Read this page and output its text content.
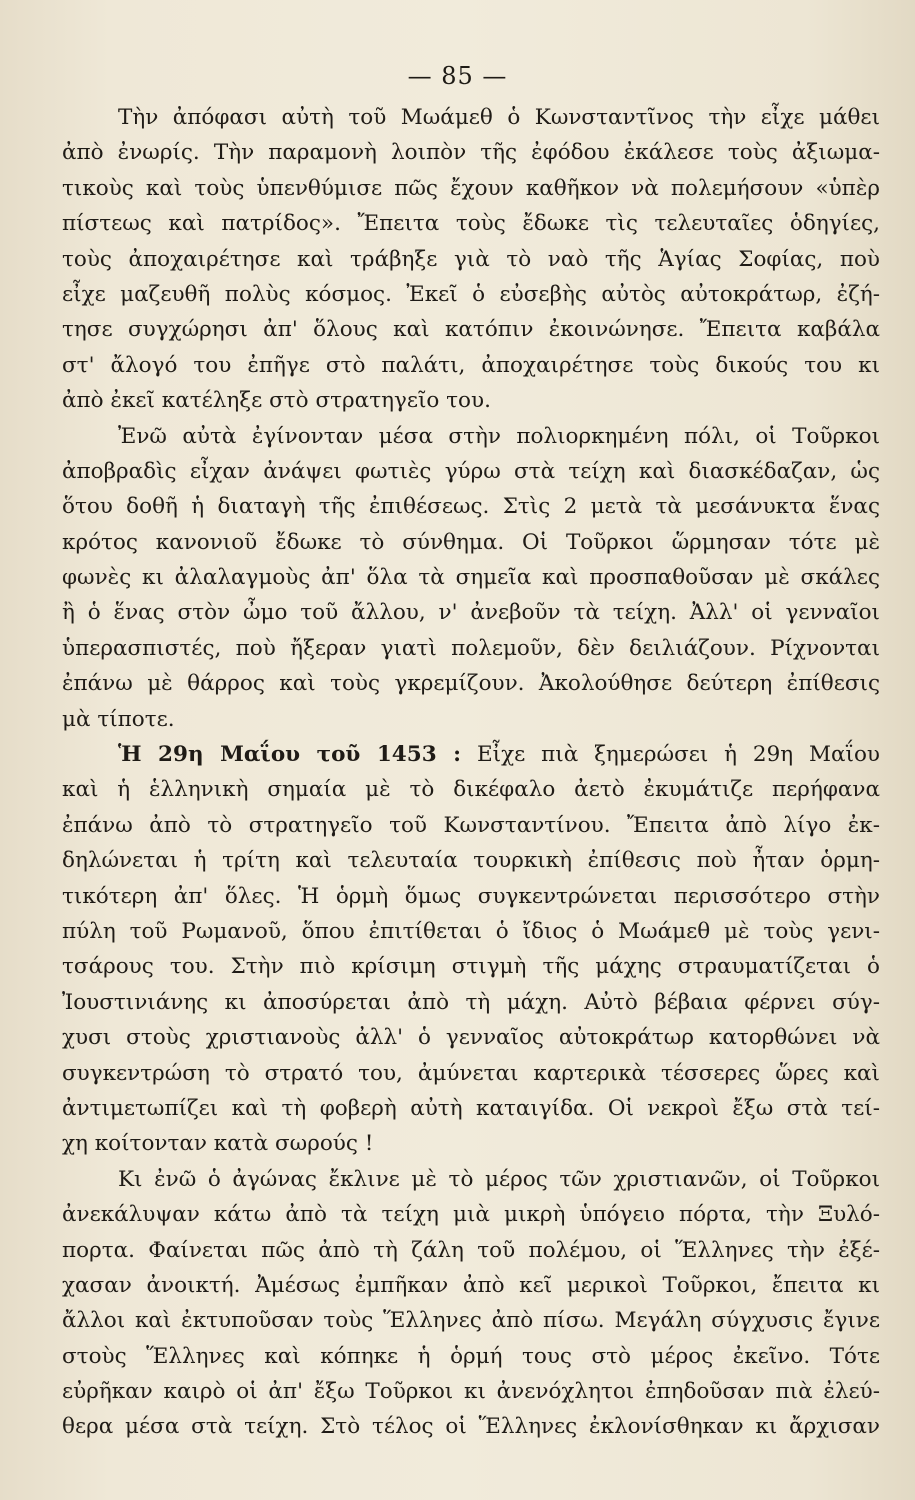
— 85 —
Τὴν ἀπόφασι αὐτὴ τοῦ Μωάμεθ ὁ Κωνσταντῖνος τὴν εἶχε μάθει
ἀπὸ ἐνωρίς. Τὴν παραμονὴ λοιπὸν τῆς ἐφόδου ἐκάλεσε τοὺς ἀξιωμα-
τικοὺς καὶ τοὺς ὑπενθύμισε πῶς ἔχουν καθῆκον νὰ πολεμήσουν «ὑπὲρ
πίστεως καὶ πατρίδος». Ἔπειτα τοὺς ἔδωκε τὶς τελευταῖες ὁδηγίες,
τοὺς ἀποχαιρέτησε καὶ τράβηξε γιὰ τὸ ναὸ τῆς Ἁγίας Σοφίας, ποὺ
εἶχε μαζευθῆ πολὺς κόσμος. Ἐκεῖ ὁ εὐσεβὴς αὐτὸς αὐτοκράτωρ, ἐζή-
τησε συγχώρησι ἀπ' ὅλους καὶ κατόπιν ἐκοινώνησε. Ἔπειτα καβάλα
στ' ἄλογό του ἐπῆγε στὸ παλάτι, ἀποχαιρέτησε τοὺς δικούς του κι
ἀπὸ ἐκεῖ κατέληξε στὸ στρατηγεῖο του.
Ἐνῶ αὐτὰ ἐγίνονταν μέσα στὴν πολιορκημένη πόλι, οἱ Τοῦρκοι
ἀποβραδὶς εἶχαν ἀνάψει φωτιὲς γύρω στὰ τείχη καὶ διασκέδαζαν, ὡς
ὅτου δοθῆ ἡ διαταγὴ τῆς ἐπιθέσεως. Στὶς 2 μετὰ τὰ μεσάνυκτα ἕνας
κρότος κανονιοῦ ἔδωκε τὸ σύνθημα. Οἱ Τοῦρκοι ὥρμησαν τότε μὲ
φωνὲς κι ἀλαλαγμοὺς ἀπ' ὅλα τὰ σημεῖα καὶ προσπαθοῦσαν μὲ σκάλες
ἢ ὁ ἕνας στὸν ὦμο τοῦ ἄλλου, ν' ἀνεβοῦν τὰ τείχη. Ἀλλ' οἱ γενναῖοι
ὑπερασπιστές, ποὺ ἤξεραν γιατὶ πολεμοῦν, δὲν δειλιάζουν. Ρίχνονται
ἐπάνω μὲ θάρρος καὶ τοὺς γκρεμίζουν. Ἀκολούθησε δεύτερη ἐπίθεσις
μὰ τίποτε.
Ἡ 29η Μαΐου τοῦ 1453 : Εἶχε πιὰ ξημερώσει ἡ 29η Μαΐου
καὶ ἡ ἑλληνικὴ σημαία μὲ τὸ δικέφαλο ἀετὸ ἐκυμάτιζε περήφανα
ἐπάνω ἀπὸ τὸ στρατηγεῖο τοῦ Κωνσταντίνου. Ἔπειτα ἀπὸ λίγο ἐκ-
δηλώνεται ἡ τρίτη καὶ τελευταία τουρκικὴ ἐπίθεσις ποὺ ἦταν ὁρμη-
τικότερη ἀπ' ὅλες. Ἡ ὁρμὴ ὅμως συγκεντρώνεται περισσότερο στὴν
πύλη τοῦ Ρωμανοῦ, ὅπου ἐπιτίθεται ὁ ἴδιος ὁ Μωάμεθ μὲ τοὺς γενι-
τσάρους του. Στὴν πιὸ κρίσιμη στιγμὴ τῆς μάχης στραυματίζεται ὁ
Ἰουστινιάνης κι ἀποσύρεται ἀπὸ τὴ μάχη. Αὐτὸ βέβαια φέρνει σύγ-
χυσι στοὺς χριστιανοὺς ἀλλ' ὁ γενναῖος αὐτοκράτωρ κατορθώνει νὰ
συγκεντρώση τὸ στρατό του, ἀμύνεται καρτερικὰ τέσσερες ὥρες καὶ
ἀντιμετωπίζει καὶ τὴ φοβερὴ αὐτὴ καταιγίδα. Οἱ νεκροὶ ἔξω στὰ τεί-
χη κοίτονταν κατὰ σωρούς !
Κι ἐνῶ ὁ ἀγώνας ἔκλινε μὲ τὸ μέρος τῶν χριστιανῶν, οἱ Τοῦρκοι
ἀνεκάλυψαν κάτω ἀπὸ τὰ τείχη μιὰ μικρὴ ὑπόγειο πόρτα, τὴν Ξυλό-
πορτα. Φαίνεται πῶς ἀπὸ τὴ ζάλη τοῦ πολέμου, οἱ Ἕλληνες τὴν ἐξέ-
χασαν ἀνοικτή. Ἀμέσως ἐμπῆκαν ἀπὸ κεῖ μερικοὶ Τοῦρκοι, ἔπειτα κι
ἄλλοι καὶ ἐκτυποῦσαν τοὺς Ἕλληνες ἀπὸ πίσω. Μεγάλη σύγχυσις ἔγινε
στοὺς Ἕλληνες καὶ κόπηκε ἡ ὁρμή τους στὸ μέρος ἐκεῖνο. Τότε
εὐρῆκαν καιρὸ οἱ ἀπ' ἔξω Τοῦρκοι κι ἀνενόχλητοι ἐπηδοῦσαν πιὰ ἐλεύ-
θερα μέσα στὰ τείχη. Στὸ τέλος οἱ Ἕλληνες ἐκλονίσθηκαν κι ἄρχισαν
